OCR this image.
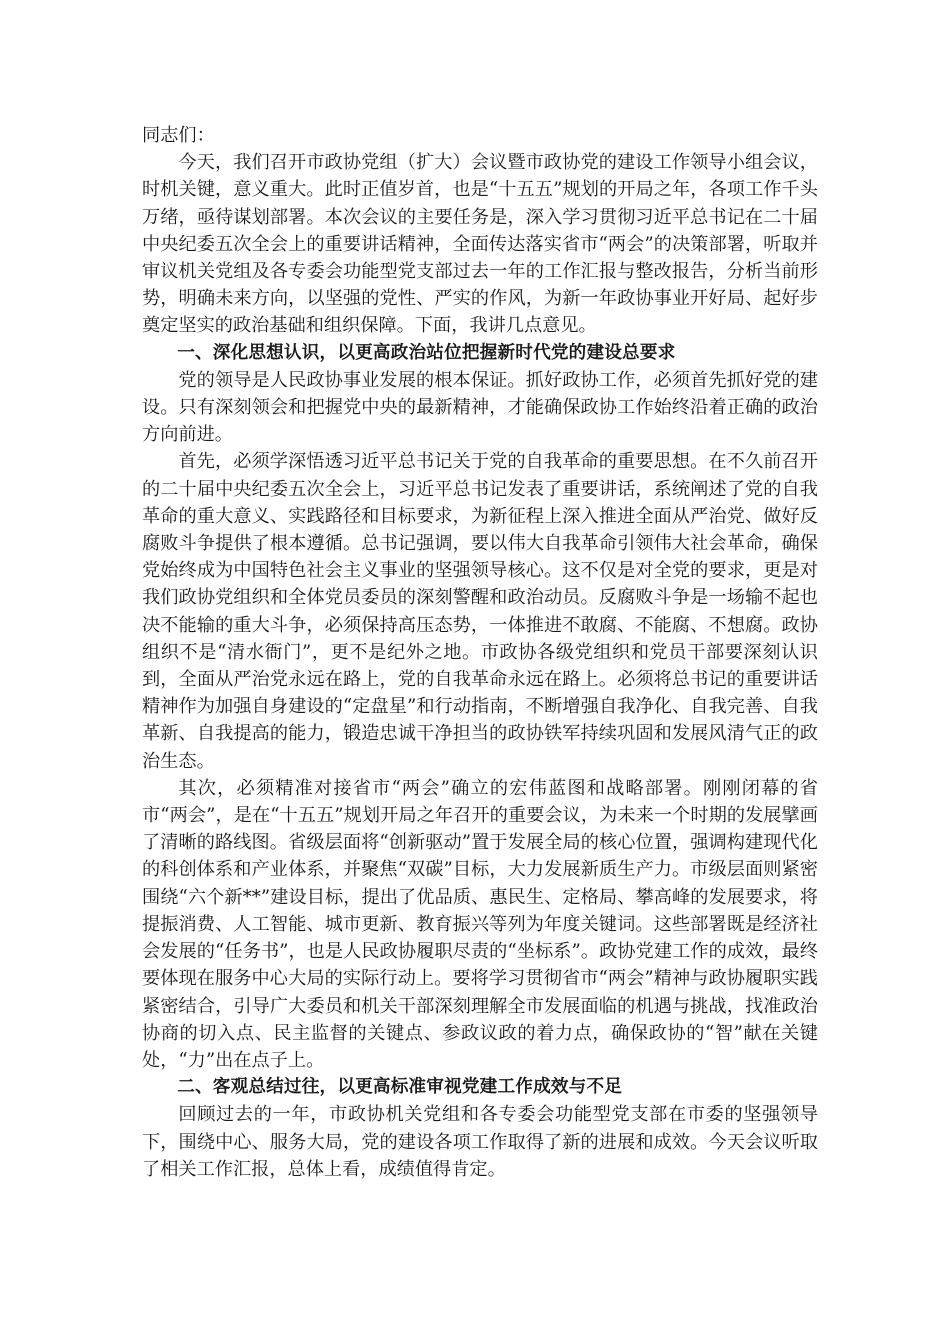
同志们：

今天，我们召开市政协党组（扩大）会议暨市政协党的建设工作领导小组会议，时机关键，意义重大。此时正值岁首，也是“十五五”规划的开局之年，各项工作千头万绪，亟待谋划部署。本次会议的主要任务是，深入学习贯彻习近平总书记在二十届中央纪委五次全会上的重要讲话精神，全面传达落实省市“两会”的决策部署，听取并审议机关党组及各专委会功能型党支部过去一年的工作汇报与整改报告，分析当前形势，明确未来方向，以坚强的党性、严实的作风，为新一年政协事业开好局、起好步奠定坚实的政治基础和组织保障。下面，我讲几点意见。

一、深化思想认识，以更高政治站位把握新时代党的建设总要求

党的领导是人民政协事业发展的根本保证。抓好政协工作，必须首先抓好党的建设。只有深刻领会和把握党中央的最新精神，才能确保政协工作始终沿着正确的政治方向前进。

首先，必须学深悟透习近平总书记关于党的自我革命的重要思想。在不久前召开的二十届中央纪委五次全会上，习近平总书记发表了重要讲话，系统阐述了党的自我革命的重大意义、实践路径和目标要求，为新征程上深入推进全面从严治党、做好反腐败斗争提供了根本遵循。总书记强调，要以伟大自我革命引领伟大社会革命，确保党始终成为中国特色社会主义事业的坚强领导核心。这不仅是对全党的要求，更是对我们政协党组织和全体党员委员的深刻警醒和政治动员。反腐败斗争是一场输不起也决不能输的重大斗争，必须保持高压态势，一体推进不敢腐、不能腐、不想腐。政协组织不是“清水衙门”，更不是纪外之地。市政协各级党组织和党员干部要深刻认识到，全面从严治党永远在路上，党的自我革命永远在路上。必须将总书记的重要讲话精神作为加强自身建设的“定盘星”和行动指南，不断增强自我净化、自我完善、自我革新、自我提高的能力，锻造忠诚干净担当的政协铁军持续巩固和发展风清气正的政治生态。

其次，必须精准对接省市“两会”确立的宏伟蓝图和战略部署。刚刚闭幕的省市“两会”，是在“十五五”规划开局之年召开的重要会议，为未来一个时期的发展擘画了清晰的路线图。省级层面将“创新驱动”置于发展全局的核心位置，强调构建现代化的科创体系和产业体系，并聚焦“双碳”目标，大力发展新质生产力。市级层面则紧密围绕“六个新**”建设目标，提出了优品质、惠民生、定格局、攀高峰的发展要求，将提振消费、人工智能、城市更新、教育振兴等列为年度关键词。这些部署既是经济社会发展的“任务书”，也是人民政协履职尽责的“坐标系”。政协党建工作的成效，最终要体现在服务中心大局的实际行动上。要将学习贯彻省市“两会”精神与政协履职实践紧密结合，引导广大委员和机关干部深刻理解全市发展面临的机遇与挑战，找准政治协商的切入点、民主监督的关键点、参政议政的着力点，确保政协的“智”献在关键处，“力”出在点子上。

二、客观总结过往，以更高标准审视党建工作成效与不足

回顾过去的一年，市政协机关党组和各专委会功能型党支部在市委的坚强领导下，围绕中心、服务大局，党的建设各项工作取得了新的进展和成效。今天会议听取了相关工作汇报，总体上看，成绩值得肯定。
